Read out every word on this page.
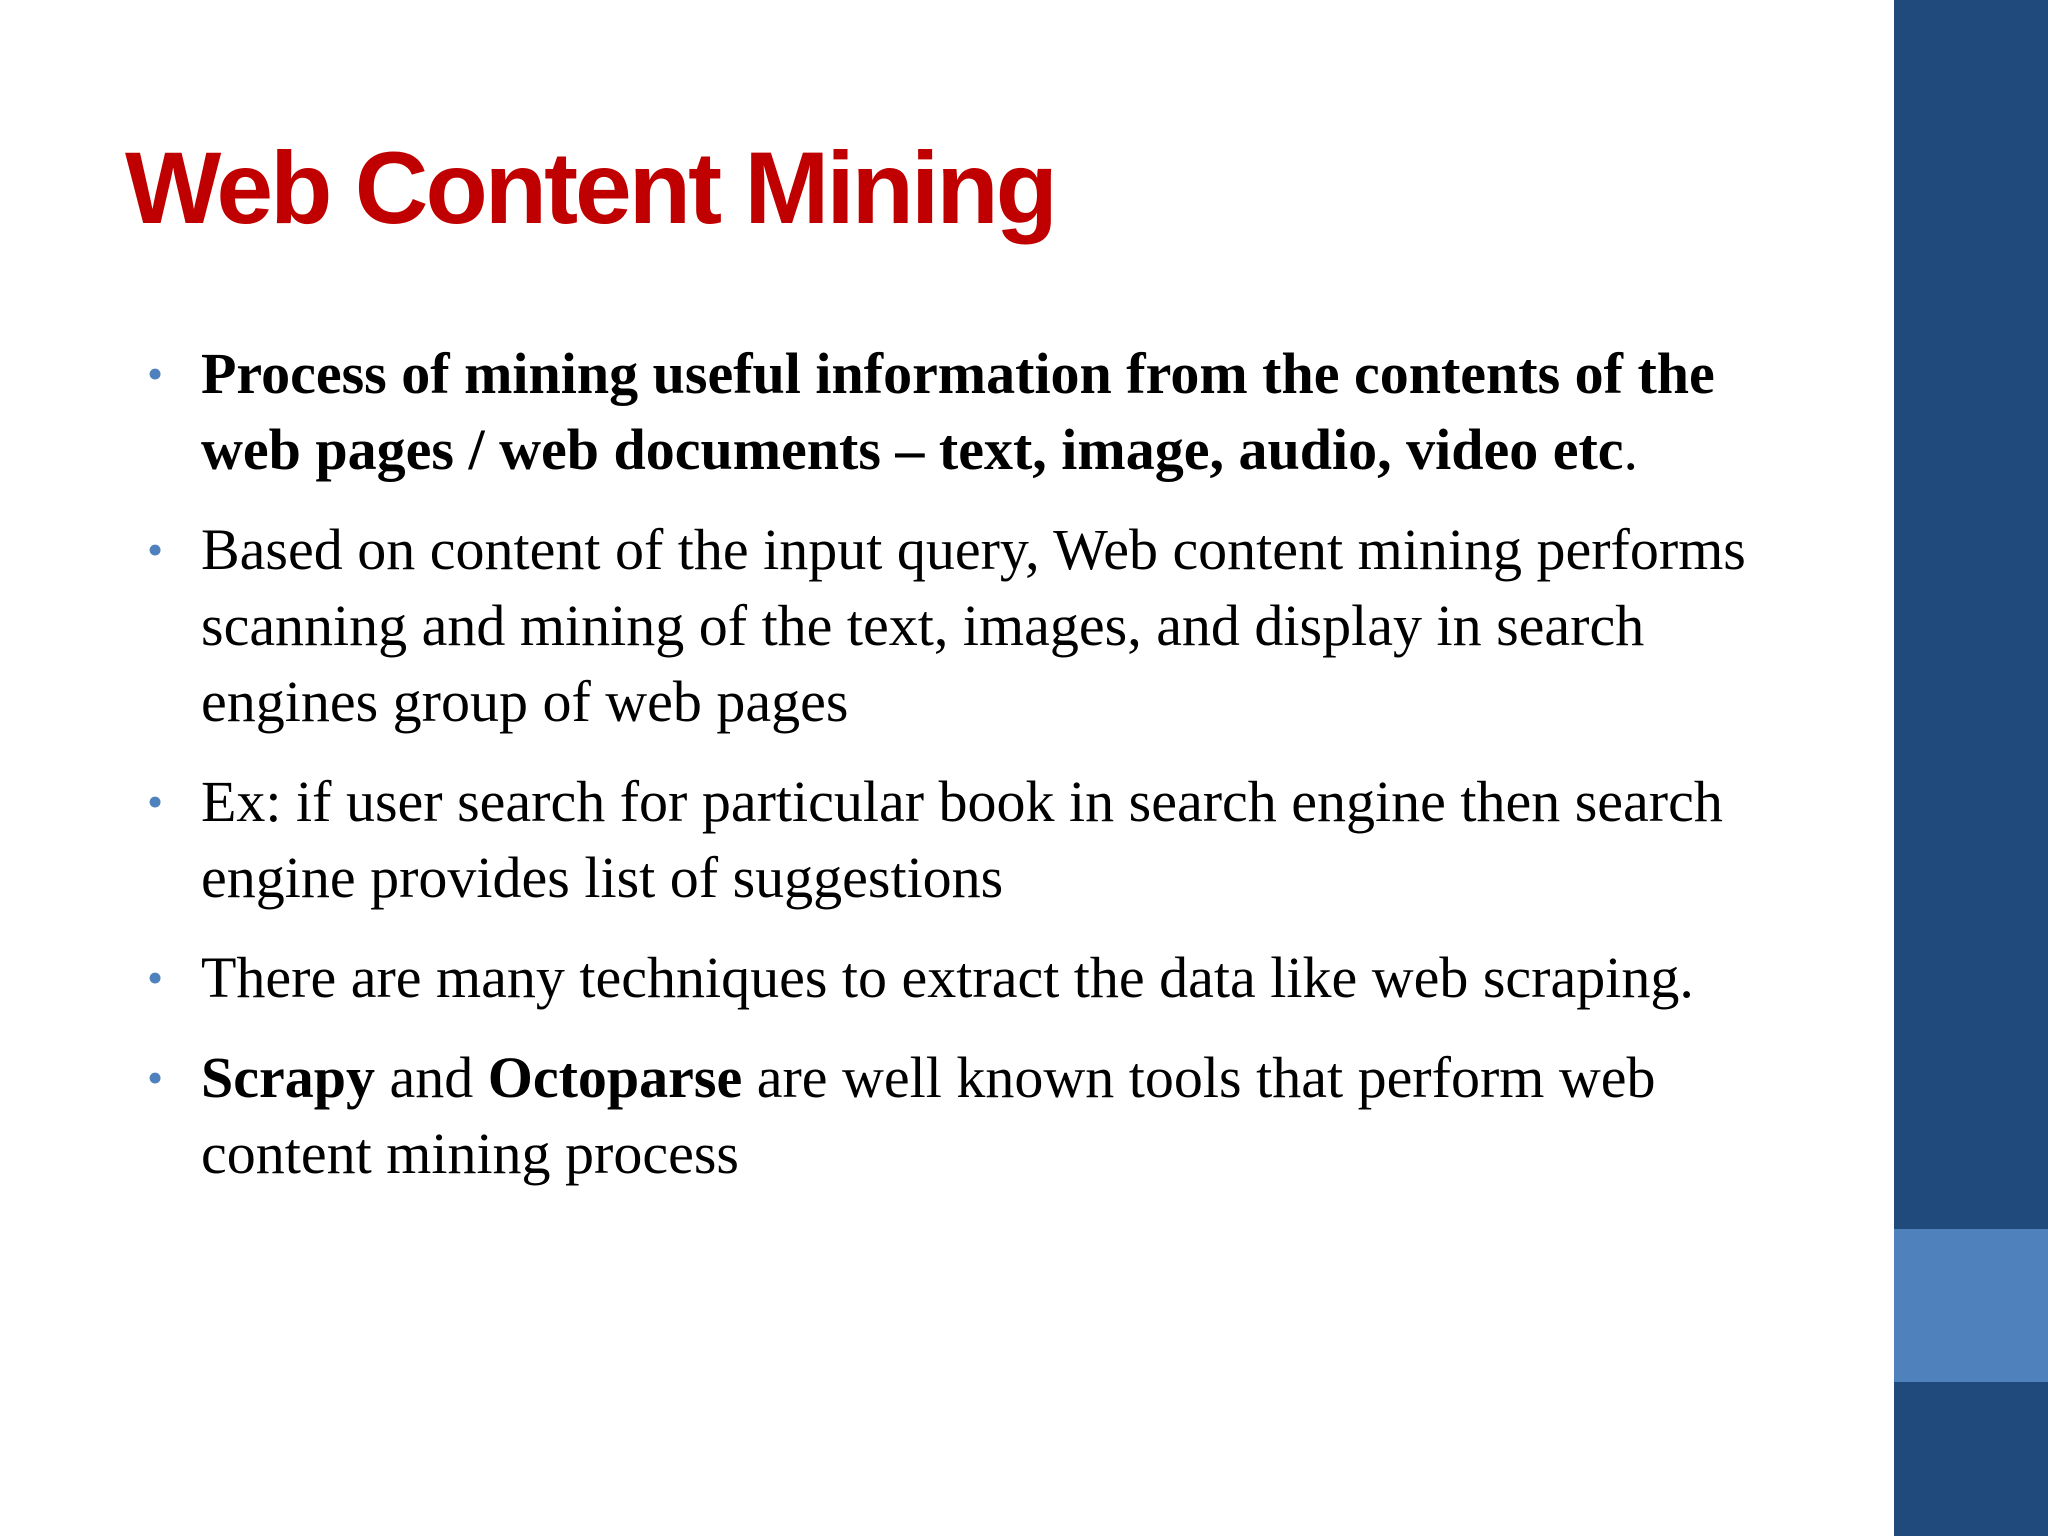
Web Content Mining
• Process of mining useful information from the contents of the web pages / web documents – text, image, audio, video etc.
• Based on content of the input query, Web content mining performs scanning and mining of the text, images, and display in search engines group of web pages
• Ex: if user search for particular book in search engine then search engine provides list of suggestions
• There are many techniques to extract the data like web scraping.
• Scrapy and Octoparse are well known tools that perform web content mining process
